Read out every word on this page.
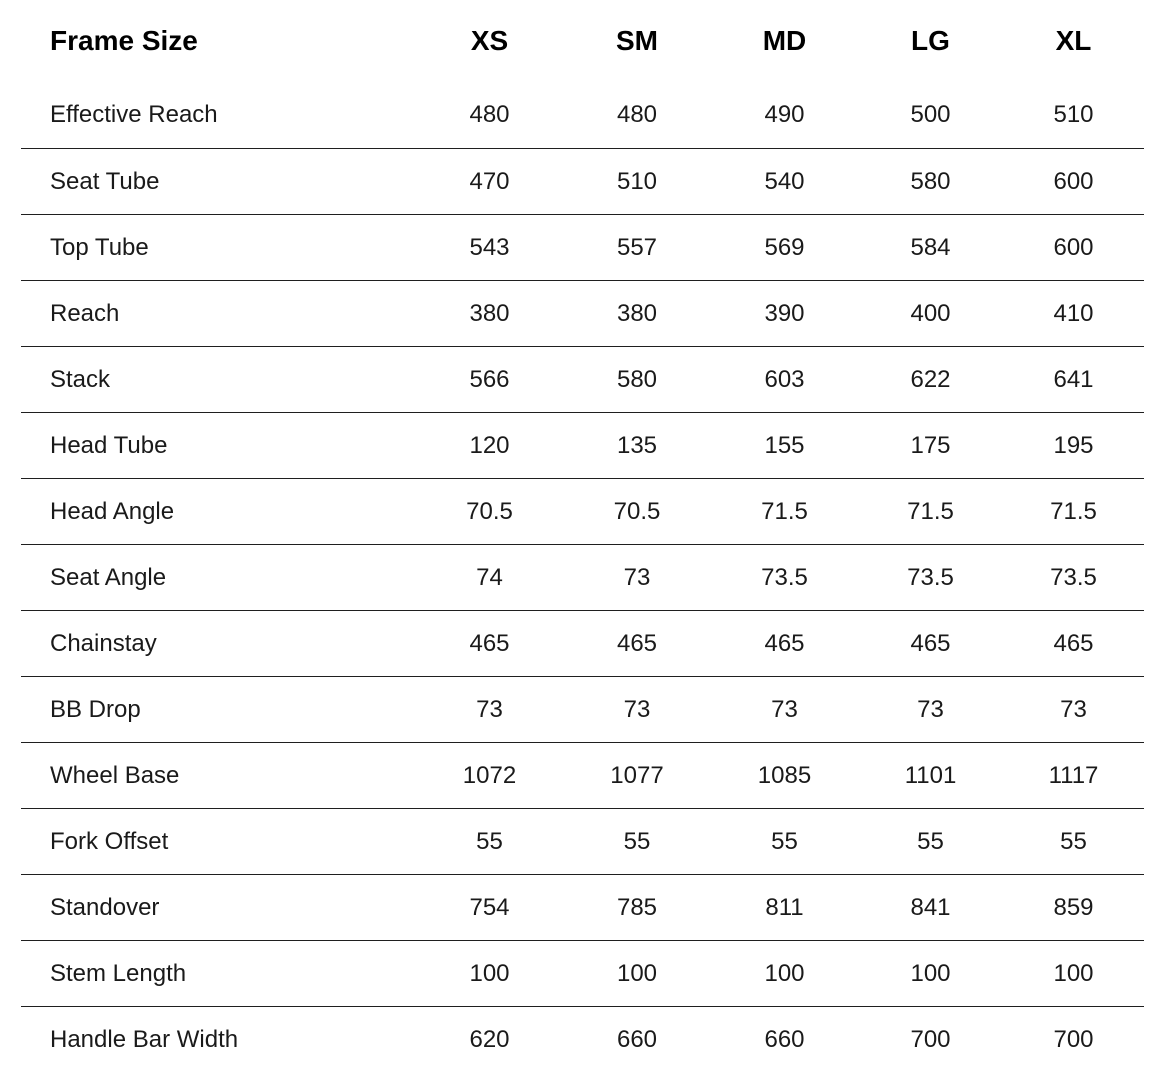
Frame Size	XS	SM	MD	LG	XL
Effective Reach	480	480	490	500	510
Seat Tube	470	510	540	580	600
Top Tube	543	557	569	584	600
Reach	380	380	390	400	410
Stack	566	580	603	622	641
Head Tube	120	135	155	175	195
Head Angle	70.5	70.5	71.5	71.5	71.5
Seat Angle	74	73	73.5	73.5	73.5
Chainstay	465	465	465	465	465
BB Drop	73	73	73	73	73
Wheel Base	1072	1077	1085	1101	1117
Fork Offset	55	55	55	55	55
Standover	754	785	811	841	859
Stem Length	100	100	100	100	100
Handle Bar Width	620	660	660	700	700
